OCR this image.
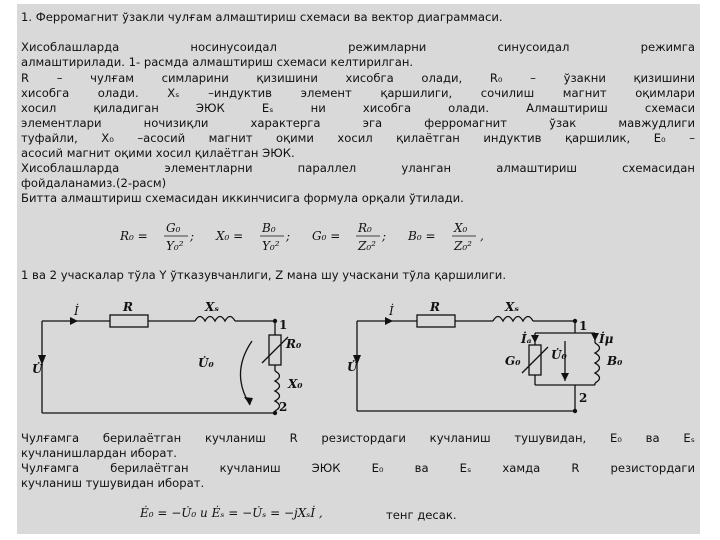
1. Ферромагнит ўзакли чулғам алмаштириш схемаси ва вектор диаграммаси.

Хисоблашларда носинусоидал режимларни синусоидал режимга

алмаштирилади. 1- расмда алмаштириш схемаси келтирилган.

R – чулғам симларини қизишини хисобга олади, R₀ – ўзакни қизишини

хисобга олади. Xₛ –индуктив элемент қаршилиги, сочилиш магнит оқимлари

хосил қиладиган ЭЮК Eₛ ни хисобга олади. Алмаштириш схемаси

элементлари ночизиқли характерга эга ферромагнит ўзак мавжудлиги

туфайли, X₀ –асосий магнит оқими хосил қилаётган индуктив қаршилик, E₀ –

асосий магнит оқими хосил қилаётган ЭЮК.

Хисоблашларда элементларни параллел уланган алмаштириш схемасидан

фойдаланамиз.(2-расм)

Битта алмаштириш схемасидан иккинчисига формула орқали ўтилади.

R₀ =
G₀
Y₀²
; X₀ =
B₀
Y₀²
; G₀ =
R₀
Z₀²
; B₀ =
X₀
Z₀²
,

1 ва 2 учаскалар тўла Y ўтказувчанлиги, Z мана шу учаскани тўла қаршилиги.

İ	R	Xₛ
U̇	U̇₀
R₀
X₀
1
2
İ	R	Xₛ
U̇
İₐ	İμ
G₀	U̇₀	B₀
1
2

Чулғамга берилаётган кучланиш R резистордаги кучланиш тушувидан, E₀ ва Eₛ

кучланишлардан иборат.

Чулғамга берилаётган кучланиш ЭЮК E₀ ва Eₛ хамда R резистордаги

кучланиш тушувидан иборат.

Ė₀ = −U̇₀ и Ėₛ = −U̇ₛ = −jXₛİ ,	тенг десак.
